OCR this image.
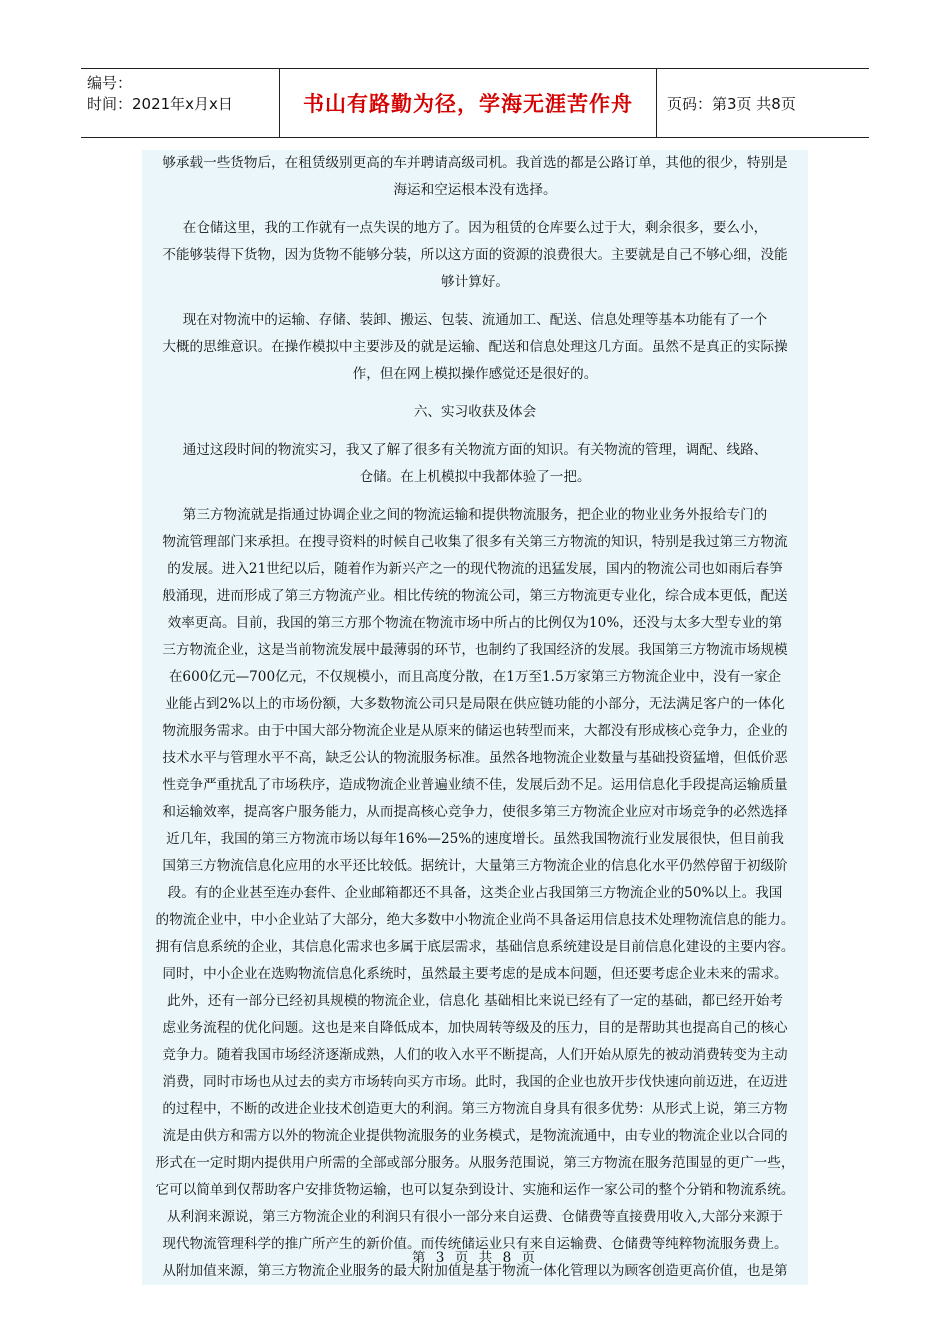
编号：
时间：2021年x月x日	书山有路勤为径，学海无涯苦作舟	页码：第3页 共8页
够承载一些货物后，在租赁级别更高的车并聘请高级司机。我首选的都是公路订单，其他的很少，特别是
海运和空运根本没有选择。
在仓储这里，我的工作就有一点失误的地方了。因为租赁的仓库要么过于大，剩余很多，要么小，
不能够装得下货物，因为货物不能够分装，所以这方面的资源的浪费很大。主要就是自己不够心细，没能
够计算好。
现在对物流中的运输、存储、装卸、搬运、包装、流通加工、配送、信息处理等基本功能有了一个
大概的思维意识。在操作模拟中主要涉及的就是运输、配送和信息处理这几方面。虽然不是真正的实际操
作，但在网上模拟操作感觉还是很好的。
六、实习收获及体会
通过这段时间的物流实习，我又了解了很多有关物流方面的知识。有关物流的管理，调配、线路、
仓储。在上机模拟中我都体验了一把。
第三方物流就是指通过协调企业之间的物流运输和提供物流服务，把企业的物业业务外报给专门的
物流管理部门来承担。在搜寻资料的时候自己收集了很多有关第三方物流的知识，特别是我过第三方物流
的发展。进入21世纪以后，随着作为新兴产之一的现代物流的迅猛发展，国内的物流公司也如雨后春笋
般涌现，进而形成了第三方物流产业。相比传统的物流公司，第三方物流更专业化，综合成本更低，配送
效率更高。目前，我国的第三方那个物流在物流市场中所占的比例仅为10%，还没与太多大型专业的第
三方物流企业，这是当前物流发展中最薄弱的环节，也制约了我国经济的发展。我国第三方物流市场规模
在600亿元—700亿元，不仅规模小，而且高度分散，在1万至1.5万家第三方物流企业中，没有一家企
业能占到2%以上的市场份额，大多数物流公司只是局限在供应链功能的小部分，无法满足客户的一体化
物流服务需求。由于中国大部分物流企业是从原来的储运也转型而来，大都没有形成核心竞争力，企业的
技术水平与管理水平不高，缺乏公认的物流服务标准。虽然各地物流企业数量与基础投资猛增，但低价恶
性竞争严重扰乱了市场秩序，造成物流企业普遍业绩不佳，发展后劲不足。运用信息化手段提高运输质量
和运输效率，提高客户服务能力，从而提高核心竞争力，使很多第三方物流企业应对市场竞争的必然选择
近几年，我国的第三方物流市场以每年16%—25%的速度增长。虽然我国物流行业发展很快，但目前我
国第三方物流信息化应用的水平还比较低。据统计，大量第三方物流企业的信息化水平仍然停留于初级阶
段。有的企业甚至连办套件、企业邮箱都还不具备，这类企业占我国第三方物流企业的50%以上。我国
的物流企业中，中小企业站了大部分，绝大多数中小物流企业尚不具备运用信息技术处理物流信息的能力。
拥有信息系统的企业，其信息化需求也多属于底层需求，基础信息系统建设是目前信息化建设的主要内容。
同时，中小企业在选购物流信息化系统时，虽然最主要考虑的是成本问题，但还要考虑企业未来的需求。
此外，还有一部分已经初具规模的物流企业，信息化 基础相比来说已经有了一定的基础，都已经开始考
虑业务流程的优化问题。这也是来自降低成本，加快周转等级及的压力，目的是帮助其也提高自己的核心
竞争力。随着我国市场经济逐渐成熟，人们的收入水平不断提高，人们开始从原先的被动消费转变为主动
消费，同时市场也从过去的卖方市场转向买方市场。此时，我国的企业也放开步伐快速向前迈进，在迈进
的过程中，不断的改进企业技术创造更大的利润。第三方物流自身具有很多优势：从形式上说，第三方物
流是由供方和需方以外的物流企业提供物流服务的业务模式，是物流流通中，由专业的物流企业以合同的
形式在一定时期内提供用户所需的全部或部分服务。从服务范围说，第三方物流在服务范围显的更广一些，
它可以简单到仅帮助客户安排货物运输，也可以复杂到设计、实施和运作一家公司的整个分销和物流系统。
从利润来源说，第三方物流企业的利润只有很小一部分来自运费、仓储费等直接费用收入,大部分来源于
现代物流管理科学的推广所产生的新价值。而传统储运业只有来自运输费、仓储费等纯粹物流服务费上。
从附加值来源，第三方物流企业服务的最大附加值是基于物流一体化管理以为顾客创造更高价值，也是第
第 3 页 共 8 页
